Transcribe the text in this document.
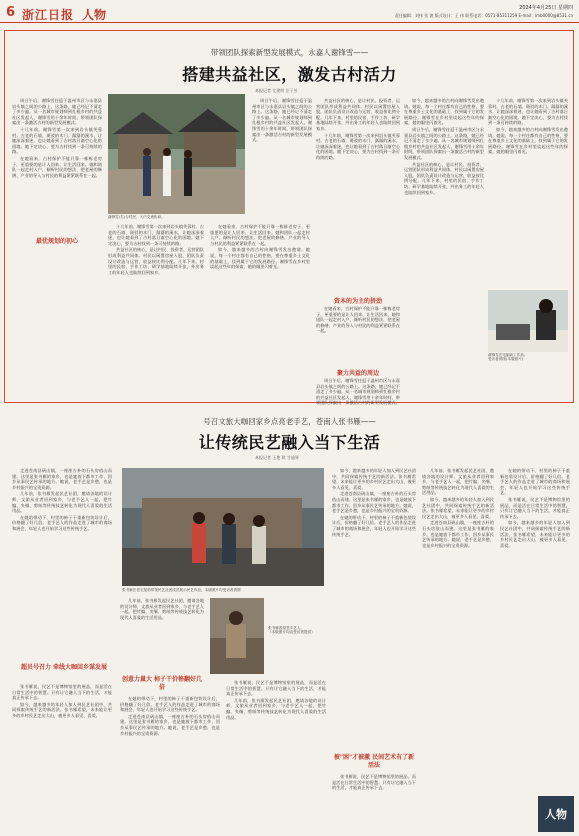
6 浙江日报 人物	2024年4月25日 星期四
责任编辑：刘伟 张 波 版式设计：王 伟 联系电话：0571-85311259 E-mail：lmb0000@8531.cn
带领团队探索新型发展模式，永嘉人谢锋雪——
搭建共益社区，激发古村活力
本报记者 尤建明 汪子芳
谢锋雪(右)与村民、入户交流协商。
谢锋雪在电脑前工作前。
受访者供图(本版照片)
最优规划的初心
资本的为主的拼劲
聚力共益的周边

周日午后，谢锋雪往返于温州市区与永嘉县岩头镇之间的公路上。这条路，她已经记不清走了多少遍。从一名城市规划师到扎根乡村的共益社区发起人，谢锋雪用十余年时间，带领团队探索出一条激活古村的新型发展模式。

十几年前，谢锋雪第一次来到岩头镇芙蓉村。古老的石墙、斑驳的木门、潺潺的溪水，让她深深着迷，也让她看到了古村落日渐空心化的困境。她下定决心，要为古村找到一条可持续的路。

在她看来，古村保护不能只靠一栋栋老房子，更重要的是让人回来、让生活回来。她和团队一起走村入户，倾听村民的想法，把老屋的修缮、产业的导入与村民的利益紧紧联系在一起。

十几年前，谢锋雪第一次来到岩头镇芙蓉村。古老的石墙、斑驳的木门、潺潺的溪水，让她深深着迷，也让她看到了古村落日渐空心化的困境。她下定决心，要为古村找到一条可持续的路。

共益社区的核心，是让村民、投资者、运营团队形成利益共同体。村民以闲置房屋入股，团队负责设计改造与运营，收益按比例分配。几年下来，村里的民宿、手作工坊、研学基地陆续开张，外出务工的年轻人也陆续回到家乡。

在她看来，古村保护不能只靠一栋栋老房子，更重要的是让人回来、让生活回来。她和团队一起走村入户，倾听村民的想法，把老屋的修缮、产业的导入与村民的利益紧紧联系在一起。

如今，越来越多的古村向谢锋雪发出邀请。她说，每一个村庄都有自己的性格，要在尊重乡土文化的基础上，找到属于它的发展路径。谢锋雪在乡村里谈起这些年的探索，她的眼里闪着光。

周日午后，谢锋雪往返于温州市区与永嘉县岩头镇之间的公路上。这条路，她已经记不清走了多少遍。从一名城市规划师到扎根乡村的共益社区发起人，谢锋雪用十余年时间，带领团队探索出一条激活古村的新型发展模式。

共益社区的核心，是让村民、投资者、运营团队形成利益共同体。村民以闲置房屋入股，团队负责设计改造与运营，收益按比例分配。几年下来，村里的民宿、手作工坊、研学基地陆续开张，外出务工的年轻人也陆续回到家乡。

十几年前，谢锋雪第一次来到岩头镇芙蓉村。古老的石墙、斑驳的木门、潺潺的溪水，让她深深着迷，也让她看到了古村落日渐空心化的困境。她下定决心，要为古村找到一条可持续的路。

在她看来，古村保护不能只靠一栋栋老房子，更重要的是让人回来、让生活回来。她和团队一起走村入户，倾听村民的想法，把老屋的修缮、产业的导入与村民的利益紧紧联系在一起。

如今，越来越多的古村向谢锋雪发出邀请。她说，每一个村庄都有自己的性格，要在尊重乡土文化的基础上，找到属于它的发展路径。谢锋雪在乡村里谈起这些年的探索，她的眼里闪着光。

周日午后，谢锋雪往返于温州市区与永嘉县岩头镇之间的公路上。这条路，她已经记不清走了多少遍。从一名城市规划师到扎根乡村的共益社区发起人，谢锋雪用十余年时间，带领团队探索出一条激活古村的新型发展模式。

共益社区的核心，是让村民、投资者、运营团队形成利益共同体。村民以闲置房屋入股，团队负责设计改造与运营，收益按比例分配。几年下来，村里的民宿、手作工坊、研学基地陆续开张，外出务工的年轻人也陆续回到家乡。

十几年前，谢锋雪第一次来到岩头镇芙蓉村。古老的石墙、斑驳的木门、潺潺的溪水，让她深深着迷，也让她看到了古村落日渐空心化的困境。她下定决心，要为古村找到一条可持续的路。

如今，越来越多的古村向谢锋雪发出邀请。她说，每一个村庄都有自己的性格，要在尊重乡土文化的基础上，找到属于它的发展路径。谢锋雪在乡村里谈起这些年的探索，她的眼里闪着光。

周日午后，谢锋雪往返于温州市区与永嘉县岩头镇之间的公路上。这条路，她已经记不清走了多少遍。从一名城市规划师到扎根乡村的共益社区发起人，谢锋雪用十余年时间，带领团队探索出一条激活古村的新型发展模式。

号召文旅大咖回家乡点亮老手艺，苍南人张书雁——
让传统民艺融入当下生活
本报记者 王艳 琪 甘迪琴
张书雁在老宅屋前带领民艺社团成员展示民艺作品。本版照片均受访者供图
张书雁看望老手艺人。
（本版照片均由受访者提供）
超员号召力 牵线大咖回乡谋发展
创意力量大 柿子干价格翻好几倍
被"困"才被激 民间艺术有了新活法

走进苍南县矾山镇，一座座古朴的石头房依山而建。这里是张书雁的家乡，也是她放下都市工作、回乡从事民艺传承的地方。她说，老手艺是乡愁，也是乡村振兴的宝贵资源。

几年前，张书雁发起民艺社团，邀请各地的设计师、文旅从业者回到家乡，与老手艺人一起，把竹编、夹缬、剪纸等传统技艺转化为现代人喜爱的生活用品。

在她的带动下，村里的柿子干重新包装设计后，价格翻了好几倍。老手艺人的作品走进了城市的商场和展会，年轻人也开始学习这些传统手艺。

张书雁说，民艺不是博物馆里的展品，而是活在日常生活中的智慧。只有让它融入当下的生活，才能真正传承下去。

如今，越来越多的年轻人加入到民艺社团中，共同探索传统手艺的新活法。张书雁希望，未来能让更多的乡村民艺走出大山，被更多人看见、喜爱。

几年前，张书雁发起民艺社团，邀请各地的设计师、文旅从业者回到家乡，与老手艺人一起，把竹编、夹缬、剪纸等传统技艺转化为现代人喜爱的生活用品。

在她的带动下，村里的柿子干重新包装设计后，价格翻了好几倍。老手艺人的作品走进了城市的商场和展会，年轻人也开始学习这些传统手艺。

走进苍南县矾山镇，一座座古朴的石头房依山而建。这里是张书雁的家乡，也是她放下都市工作、回乡从事民艺传承的地方。她说，老手艺是乡愁，也是乡村振兴的宝贵资源。

张书雁说，民艺不是博物馆里的展品，而是活在日常生活中的智慧。只有让它融入当下的生活，才能真正传承下去。

几年前，张书雁发起民艺社团，邀请各地的设计师、文旅从业者回到家乡，与老手艺人一起，把竹编、夹缬、剪纸等传统技艺转化为现代人喜爱的生活用品。

如今，越来越多的年轻人加入到民艺社团中，共同探索传统手艺的新活法。张书雁希望，未来能让更多的乡村民艺走出大山，被更多人看见、喜爱。

走进苍南县矾山镇，一座座古朴的石头房依山而建。这里是张书雁的家乡，也是她放下都市工作、回乡从事民艺传承的地方。她说，老手艺是乡愁，也是乡村振兴的宝贵资源。

在她的带动下，村里的柿子干重新包装设计后，价格翻了好几倍。老手艺人的作品走进了城市的商场和展会，年轻人也开始学习这些传统手艺。

张书雁说，民艺不是博物馆里的展品，而是活在日常生活中的智慧。只有让它融入当下的生活，才能真正传承下去。

几年前，张书雁发起民艺社团，邀请各地的设计师、文旅从业者回到家乡，与老手艺人一起，把竹编、夹缬、剪纸等传统技艺转化为现代人喜爱的生活用品。

如今，越来越多的年轻人加入到民艺社团中，共同探索传统手艺的新活法。张书雁希望，未来能让更多的乡村民艺走出大山，被更多人看见、喜爱。

走进苍南县矾山镇，一座座古朴的石头房依山而建。这里是张书雁的家乡，也是她放下都市工作、回乡从事民艺传承的地方。她说，老手艺是乡愁，也是乡村振兴的宝贵资源。

在她的带动下，村里的柿子干重新包装设计后，价格翻了好几倍。老手艺人的作品走进了城市的商场和展会，年轻人也开始学习这些传统手艺。

张书雁说，民艺不是博物馆里的展品，而是活在日常生活中的智慧。只有让它融入当下的生活，才能真正传承下去。

如今，越来越多的年轻人加入到民艺社团中，共同探索传统手艺的新活法。张书雁希望，未来能让更多的乡村民艺走出大山，被更多人看见、喜爱。

人物
